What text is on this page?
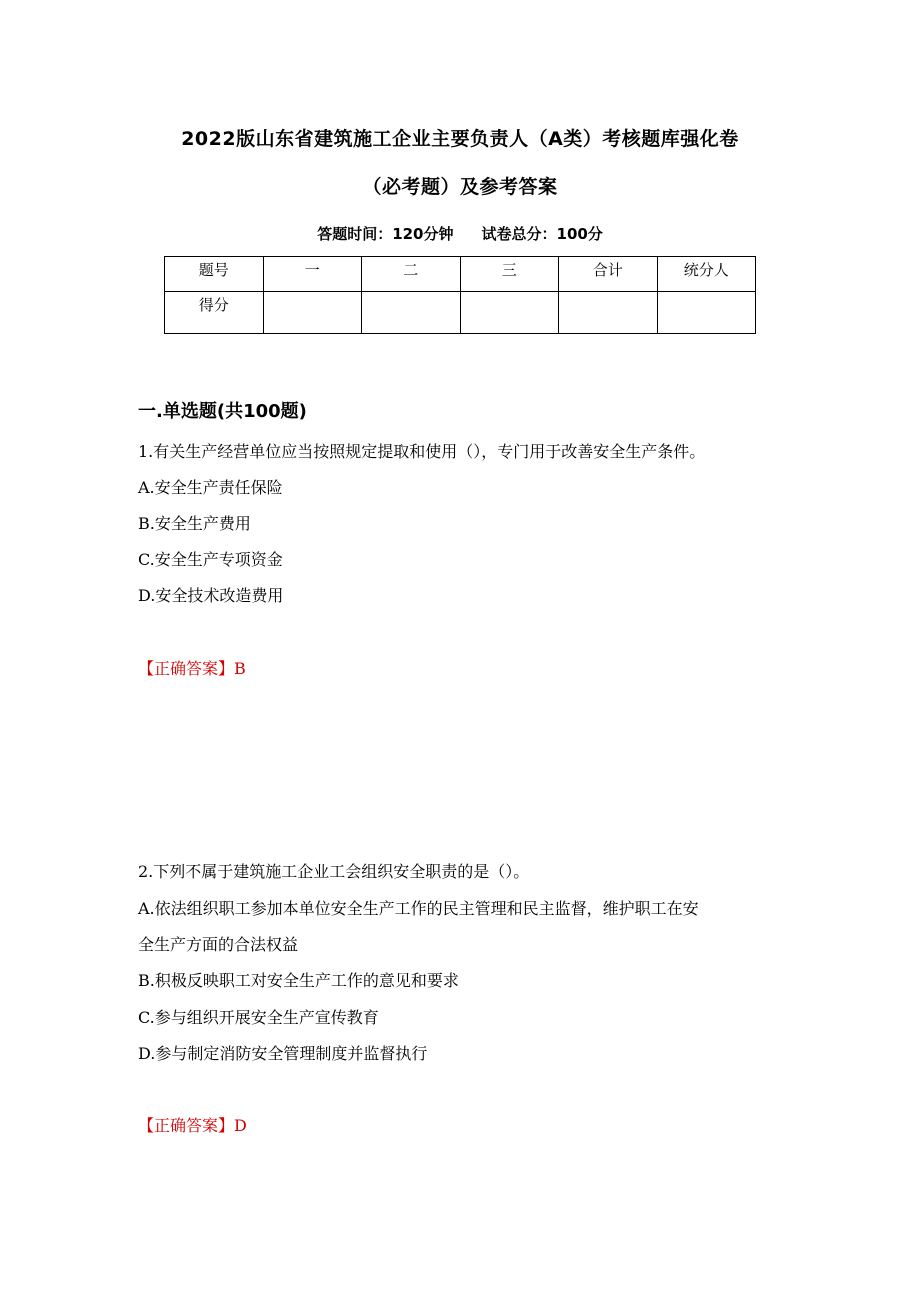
2022版山东省建筑施工企业主要负责人（A类）考核题库强化卷
（必考题）及参考答案
答题时间：120分钟 试卷总分：100分
题号	一	二	三	合计	统分人
得分					
一.单选题(共100题)
1.有关生产经营单位应当按照规定提取和使用（），专门用于改善安全生产条件。
A.安全生产责任保险
B.安全生产费用
C.安全生产专项资金
D.安全技术改造费用
【正确答案】B
2.下列不属于建筑施工企业工会组织安全职责的是（）。
A.依法组织职工参加本单位安全生产工作的民主管理和民主监督，维护职工在安
全生产方面的合法权益
B.积极反映职工对安全生产工作的意见和要求
C.参与组织开展安全生产宣传教育
D.参与制定消防安全管理制度并监督执行
【正确答案】D
